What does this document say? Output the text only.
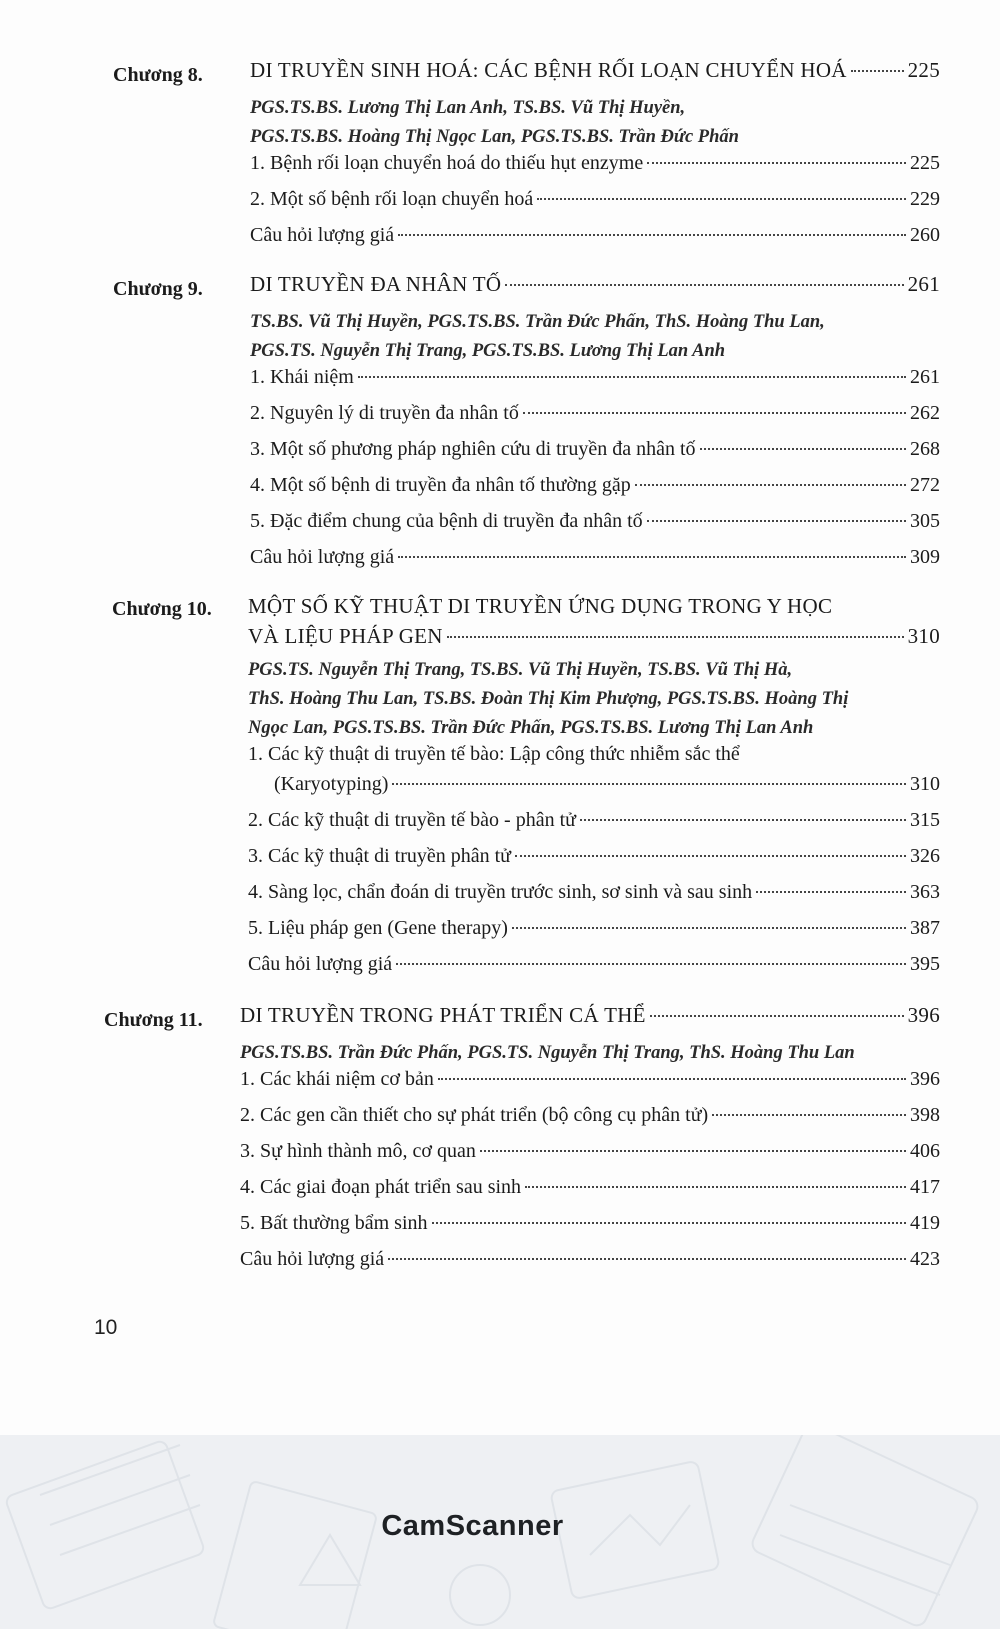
Chương 8.	DI TRUYỀN SINH HOÁ: CÁC BỆNH RỐI LOẠN CHUYỂN HOÁ	225
PGS.TS.BS. Lương Thị Lan Anh, TS.BS. Vũ Thị Huyền,
PGS.TS.BS. Hoàng Thị Ngọc Lan, PGS.TS.BS. Trần Đức Phấn
1. Bệnh rối loạn chuyển hoá do thiếu hụt enzyme	225
2. Một số bệnh rối loạn chuyển hoá	229
Câu hỏi lượng giá	260
Chương 9.	DI TRUYỀN ĐA NHÂN TỐ	261
TS.BS. Vũ Thị Huyền, PGS.TS.BS. Trần Đức Phấn, ThS. Hoàng Thu Lan,
PGS.TS. Nguyễn Thị Trang, PGS.TS.BS. Lương Thị Lan Anh
1. Khái niệm	261
2. Nguyên lý di truyền đa nhân tố	262
3. Một số phương pháp nghiên cứu di truyền đa nhân tố	268
4. Một số bệnh di truyền đa nhân tố thường gặp	272
5. Đặc điểm chung của bệnh di truyền đa nhân tố	305
Câu hỏi lượng giá	309
Chương 10.	MỘT SỐ KỸ THUẬT DI TRUYỀN ỨNG DỤNG TRONG Y HỌC
VÀ LIỆU PHÁP GEN	310
PGS.TS. Nguyễn Thị Trang, TS.BS. Vũ Thị Huyền, TS.BS. Vũ Thị Hà,
ThS. Hoàng Thu Lan, TS.BS. Đoàn Thị Kim Phượng, PGS.TS.BS. Hoàng Thị
Ngọc Lan, PGS.TS.BS. Trần Đức Phấn, PGS.TS.BS. Lương Thị Lan Anh
1. Các kỹ thuật di truyền tế bào: Lập công thức nhiễm sắc thể
(Karyotyping)	310
2. Các kỹ thuật di truyền tế bào - phân tử	315
3. Các kỹ thuật di truyền phân tử	326
4. Sàng lọc, chẩn đoán di truyền trước sinh, sơ sinh và sau sinh	363
5. Liệu pháp gen (Gene therapy)	387
Câu hỏi lượng giá	395
Chương 11.	DI TRUYỀN TRONG PHÁT TRIỂN CÁ THỂ	396
PGS.TS.BS. Trần Đức Phấn, PGS.TS. Nguyễn Thị Trang, ThS. Hoàng Thu Lan
1. Các khái niệm cơ bản	396
2. Các gen cần thiết cho sự phát triển (bộ công cụ phân tử)	398
3. Sự hình thành mô, cơ quan	406
4. Các giai đoạn phát triển sau sinh	417
5. Bất thường bẩm sinh	419
Câu hỏi lượng giá	423
10
CamScanner
